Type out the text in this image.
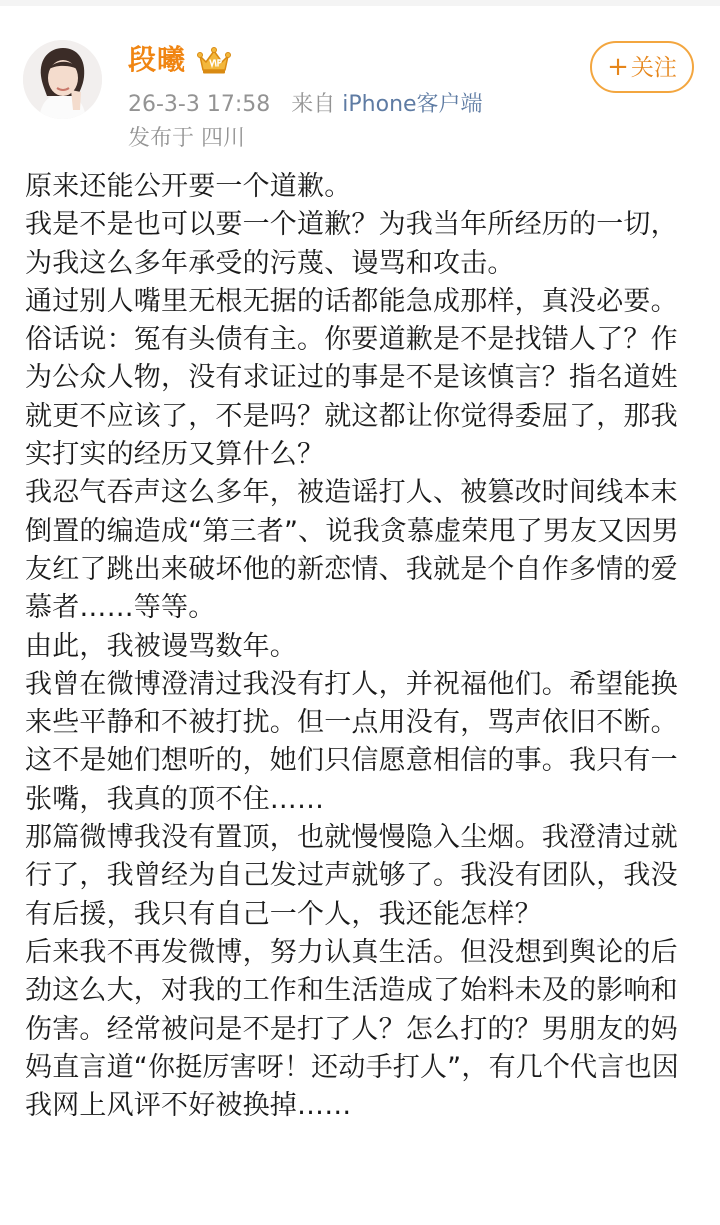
段曦
26-3-3 17:58 来自 iPhone客户端
发布于 四川
+关注

原来还能公开要一个道歉。

我是不是也可以要一个道歉？为我当年所经历的一切，为我这么多年承受的污蔑、谩骂和攻击。

通过别人嘴里无根无据的话都能急成那样，真没必要。俗话说：冤有头债有主。你要道歉是不是找错人了？作为公众人物，没有求证过的事是不是该慎言？指名道姓就更不应该了，不是吗？就这都让你觉得委屈了，那我实打实的经历又算什么？

我忍气吞声这么多年，被造谣打人、被篡改时间线本末倒置的编造成“第三者”、说我贪慕虚荣甩了男友又因男友红了跳出来破坏他的新恋情、我就是个自作多情的爱慕者……等等。

由此，我被谩骂数年。

我曾在微博澄清过我没有打人，并祝福他们。希望能换来些平静和不被打扰。但一点用没有，骂声依旧不断。这不是她们想听的，她们只信愿意相信的事。我只有一张嘴，我真的顶不住……

那篇微博我没有置顶，也就慢慢隐入尘烟。我澄清过就行了，我曾经为自己发过声就够了。我没有团队，我没有后援，我只有自己一个人，我还能怎样？

后来我不再发微博，努力认真生活。但没想到舆论的后劲这么大，对我的工作和生活造成了始料未及的影响和伤害。经常被问是不是打了人？怎么打的？男朋友的妈妈直言道“你挺厉害呀！还动手打人”，有几个代言也因我网上风评不好被换掉……
